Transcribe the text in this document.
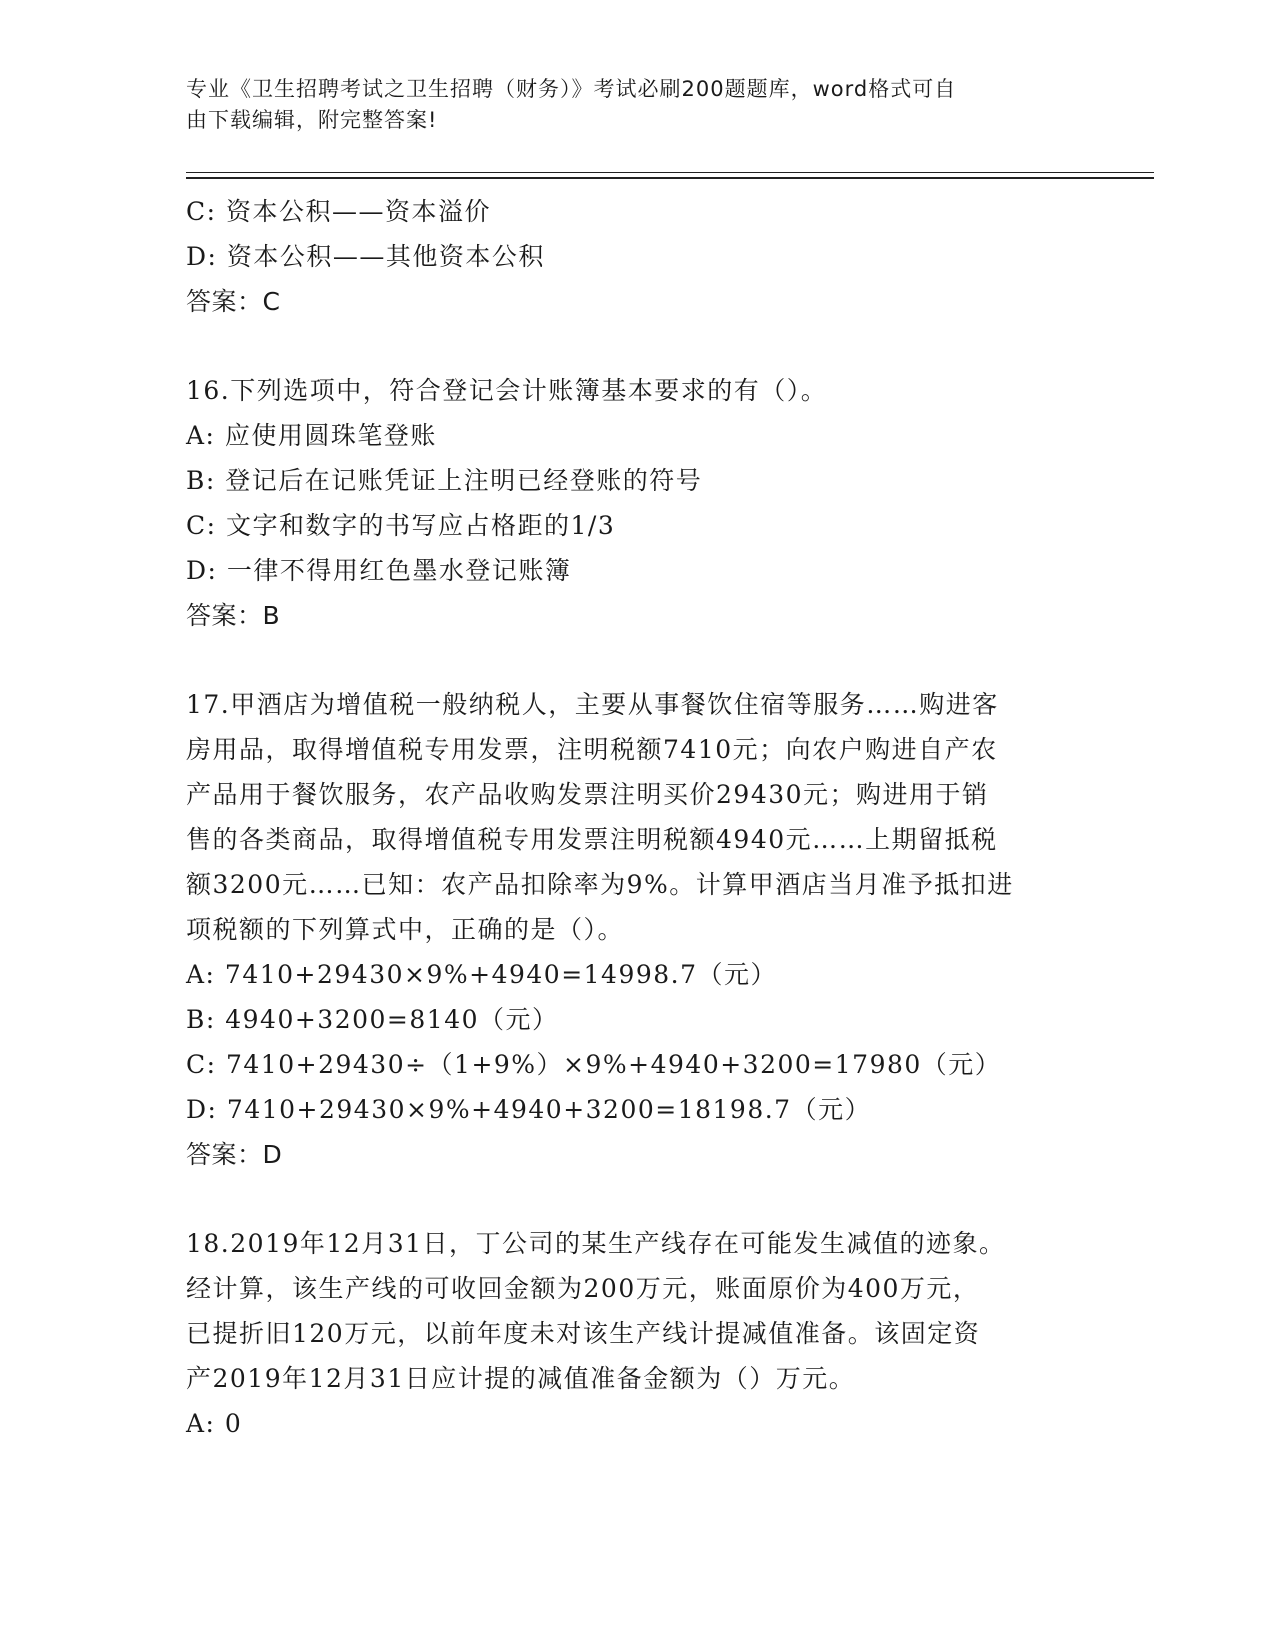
专业《卫生招聘考试之卫生招聘（财务）》考试必刷200题题库，word格式可自
由下载编辑，附完整答案!
C: 资本公积——资本溢价
D: 资本公积——其他资本公积
答案：C
16.下列选项中，符合登记会计账簿基本要求的有（）。
A: 应使用圆珠笔登账
B: 登记后在记账凭证上注明已经登账的符号
C: 文字和数字的书写应占格距的1/3
D: 一律不得用红色墨水登记账簿
答案：B
17.甲酒店为增值税一般纳税人，主要从事餐饮住宿等服务……购进客
房用品，取得增值税专用发票，注明税额7410元；向农户购进自产农
产品用于餐饮服务，农产品收购发票注明买价29430元；购进用于销
售的各类商品，取得增值税专用发票注明税额4940元……上期留抵税
额3200元……已知：农产品扣除率为9%。计算甲酒店当月准予抵扣进
项税额的下列算式中，正确的是（）。
A: 7410+29430×9%+4940=14998.7（元）
B: 4940+3200=8140（元）
C: 7410+29430÷（1+9%）×9%+4940+3200=17980（元）
D: 7410+29430×9%+4940+3200=18198.7（元）
答案：D
18.2019年12月31日，丁公司的某生产线存在可能发生减值的迹象。
经计算，该生产线的可收回金额为200万元，账面原价为400万元，
已提折旧120万元，以前年度未对该生产线计提减值准备。该固定资
产2019年12月31日应计提的减值准备金额为（）万元。
A: 0
